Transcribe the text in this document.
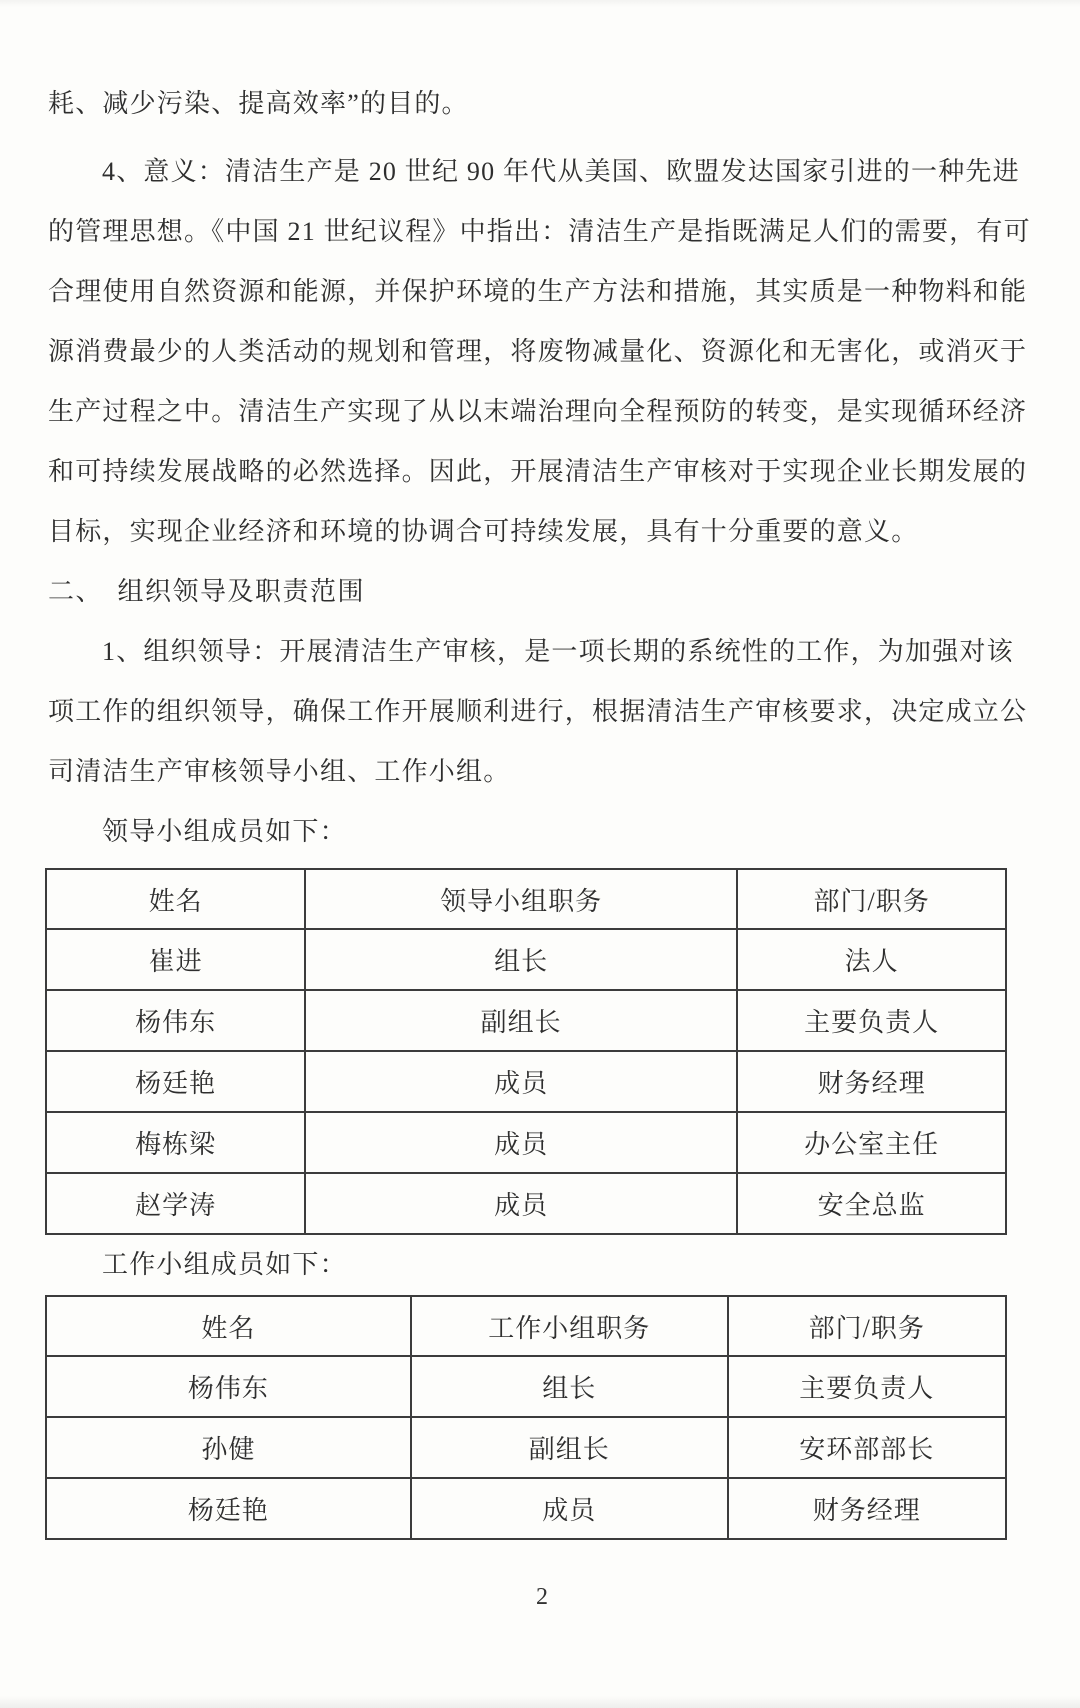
耗、减少污染、提高效率”的目的。
4、意义：清洁生产是 20 世纪 90 年代从美国、欧盟发达国家引进的一种先进
的管理思想。《中国 21 世纪议程》中指出：清洁生产是指既满足人们的需要，有可
合理使用自然资源和能源，并保护环境的生产方法和措施，其实质是一种物料和能
源消费最少的人类活动的规划和管理，将废物减量化、资源化和无害化，或消灭于
生产过程之中。清洁生产实现了从以末端治理向全程预防的转变，是实现循环经济
和可持续发展战略的必然选择。因此，开展清洁生产审核对于实现企业长期发展的
目标，实现企业经济和环境的协调合可持续发展，具有十分重要的意义。
二、　组织领导及职责范围
1、组织领导：开展清洁生产审核，是一项长期的系统性的工作，为加强对该
项工作的组织领导，确保工作开展顺利进行，根据清洁生产审核要求，决定成立公
司清洁生产审核领导小组、工作小组。
领导小组成员如下：
姓名	领导小组职务	部门/职务
崔进	组长	法人
杨伟东	副组长	主要负责人
杨廷艳	成员	财务经理
梅栋梁	成员	办公室主任
赵学涛	成员	安全总监
工作小组成员如下：
姓名	工作小组职务	部门/职务
杨伟东	组长	主要负责人
孙健	副组长	安环部部长
杨廷艳	成员	财务经理
2
